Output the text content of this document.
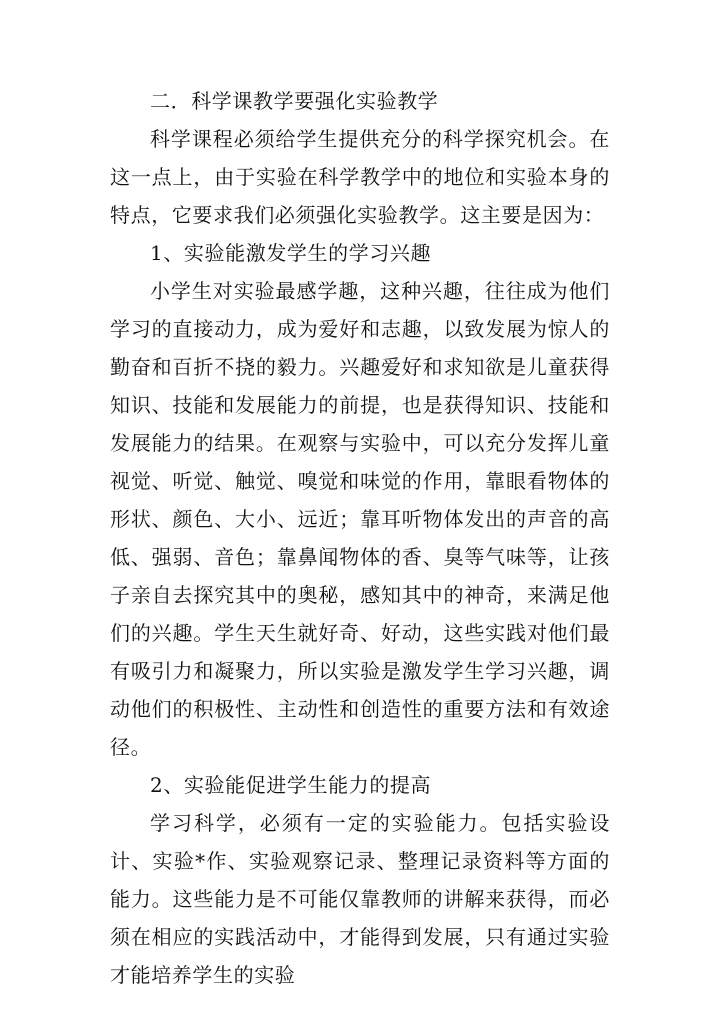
二．科学课教学要强化实验教学

科学课程必须给学生提供充分的科学探究机会。在这一点上，由于实验在科学教学中的地位和实验本身的特点，它要求我们必须强化实验教学。这主要是因为：

1、实验能激发学生的学习兴趣

小学生对实验最感学趣，这种兴趣，往往成为他们学习的直接动力，成为爱好和志趣，以致发展为惊人的勤奋和百折不挠的毅力。兴趣爱好和求知欲是儿童获得知识、技能和发展能力的前提，也是获得知识、技能和发展能力的结果。在观察与实验中，可以充分发挥儿童视觉、听觉、触觉、嗅觉和味觉的作用，靠眼看物体的形状、颜色、大小、远近；靠耳听物体发出的声音的高低、强弱、音色；靠鼻闻物体的香、臭等气味等，让孩子亲自去探究其中的奥秘，感知其中的神奇，来满足他们的兴趣。学生天生就好奇、好动，这些实践对他们最有吸引力和凝聚力，所以实验是激发学生学习兴趣，调动他们的积极性、主动性和创造性的重要方法和有效途径。

2、实验能促进学生能力的提高

学习科学，必须有一定的实验能力。包括实验设计、实验*作、实验观察记录、整理记录资料等方面的能力。这些能力是不可能仅靠教师的讲解来获得，而必须在相应的实践活动中，才能得到发展，只有通过实验才能培养学生的实验
